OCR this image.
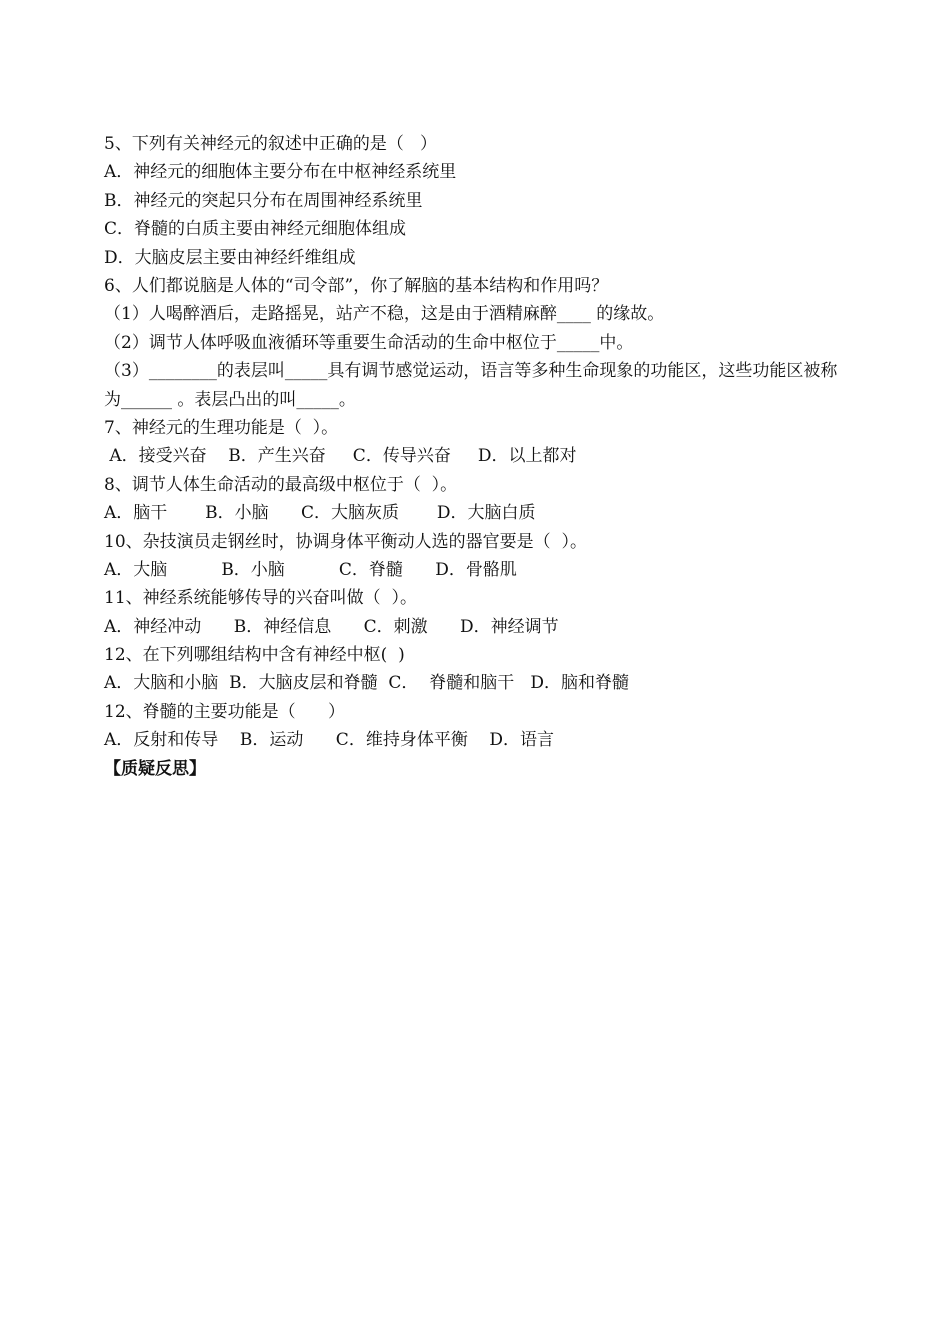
5、下列有关神经元的叙述中正确的是（   ）
A．神经元的细胞体主要分布在中枢神经系统里
B．神经元的突起只分布在周围神经系统里
C．脊髓的白质主要由神经元细胞体组成
D．大脑皮层主要由神经纤维组成
6、人们都说脑是人体的“司令部”，你了解脑的基本结构和作用吗？
（1）人喝醉酒后，走路摇晃，站产不稳，这是由于酒精麻醉____ 的缘故。
（2）调节人体呼吸血液循环等重要生命活动的生命中枢位于_____中。
（3）________的表层叫_____具有调节感觉运动，语言等多种生命现象的功能区，这些功能区被称为______ 。表层凸出的叫_____。
7、神经元的生理功能是（  ）。
A．接受兴奋    B．产生兴奋     C．传导兴奋     D．以上都对
8、调节人体生命活动的最高级中枢位于（  ）。
A．脑干       B．小脑      C．大脑灰质       D．大脑白质
10、杂技演员走钢丝时，协调身体平衡动人选的器官要是（  ）。
A．大脑          B．小脑          C．脊髓      D．骨骼肌
11、神经系统能够传导的兴奋叫做（  ）。
A．神经冲动      B．神经信息      C．刺激      D．神经调节
12、在下列哪组结构中含有神经中枢(  )
A．大脑和小脑  B．大脑皮层和脊髓  C．  脊髓和脑干   D．脑和脊髓
12、脊髓的主要功能是（      ）
A．反射和传导    B．运动      C．维持身体平衡    D．语言
【质疑反思】
